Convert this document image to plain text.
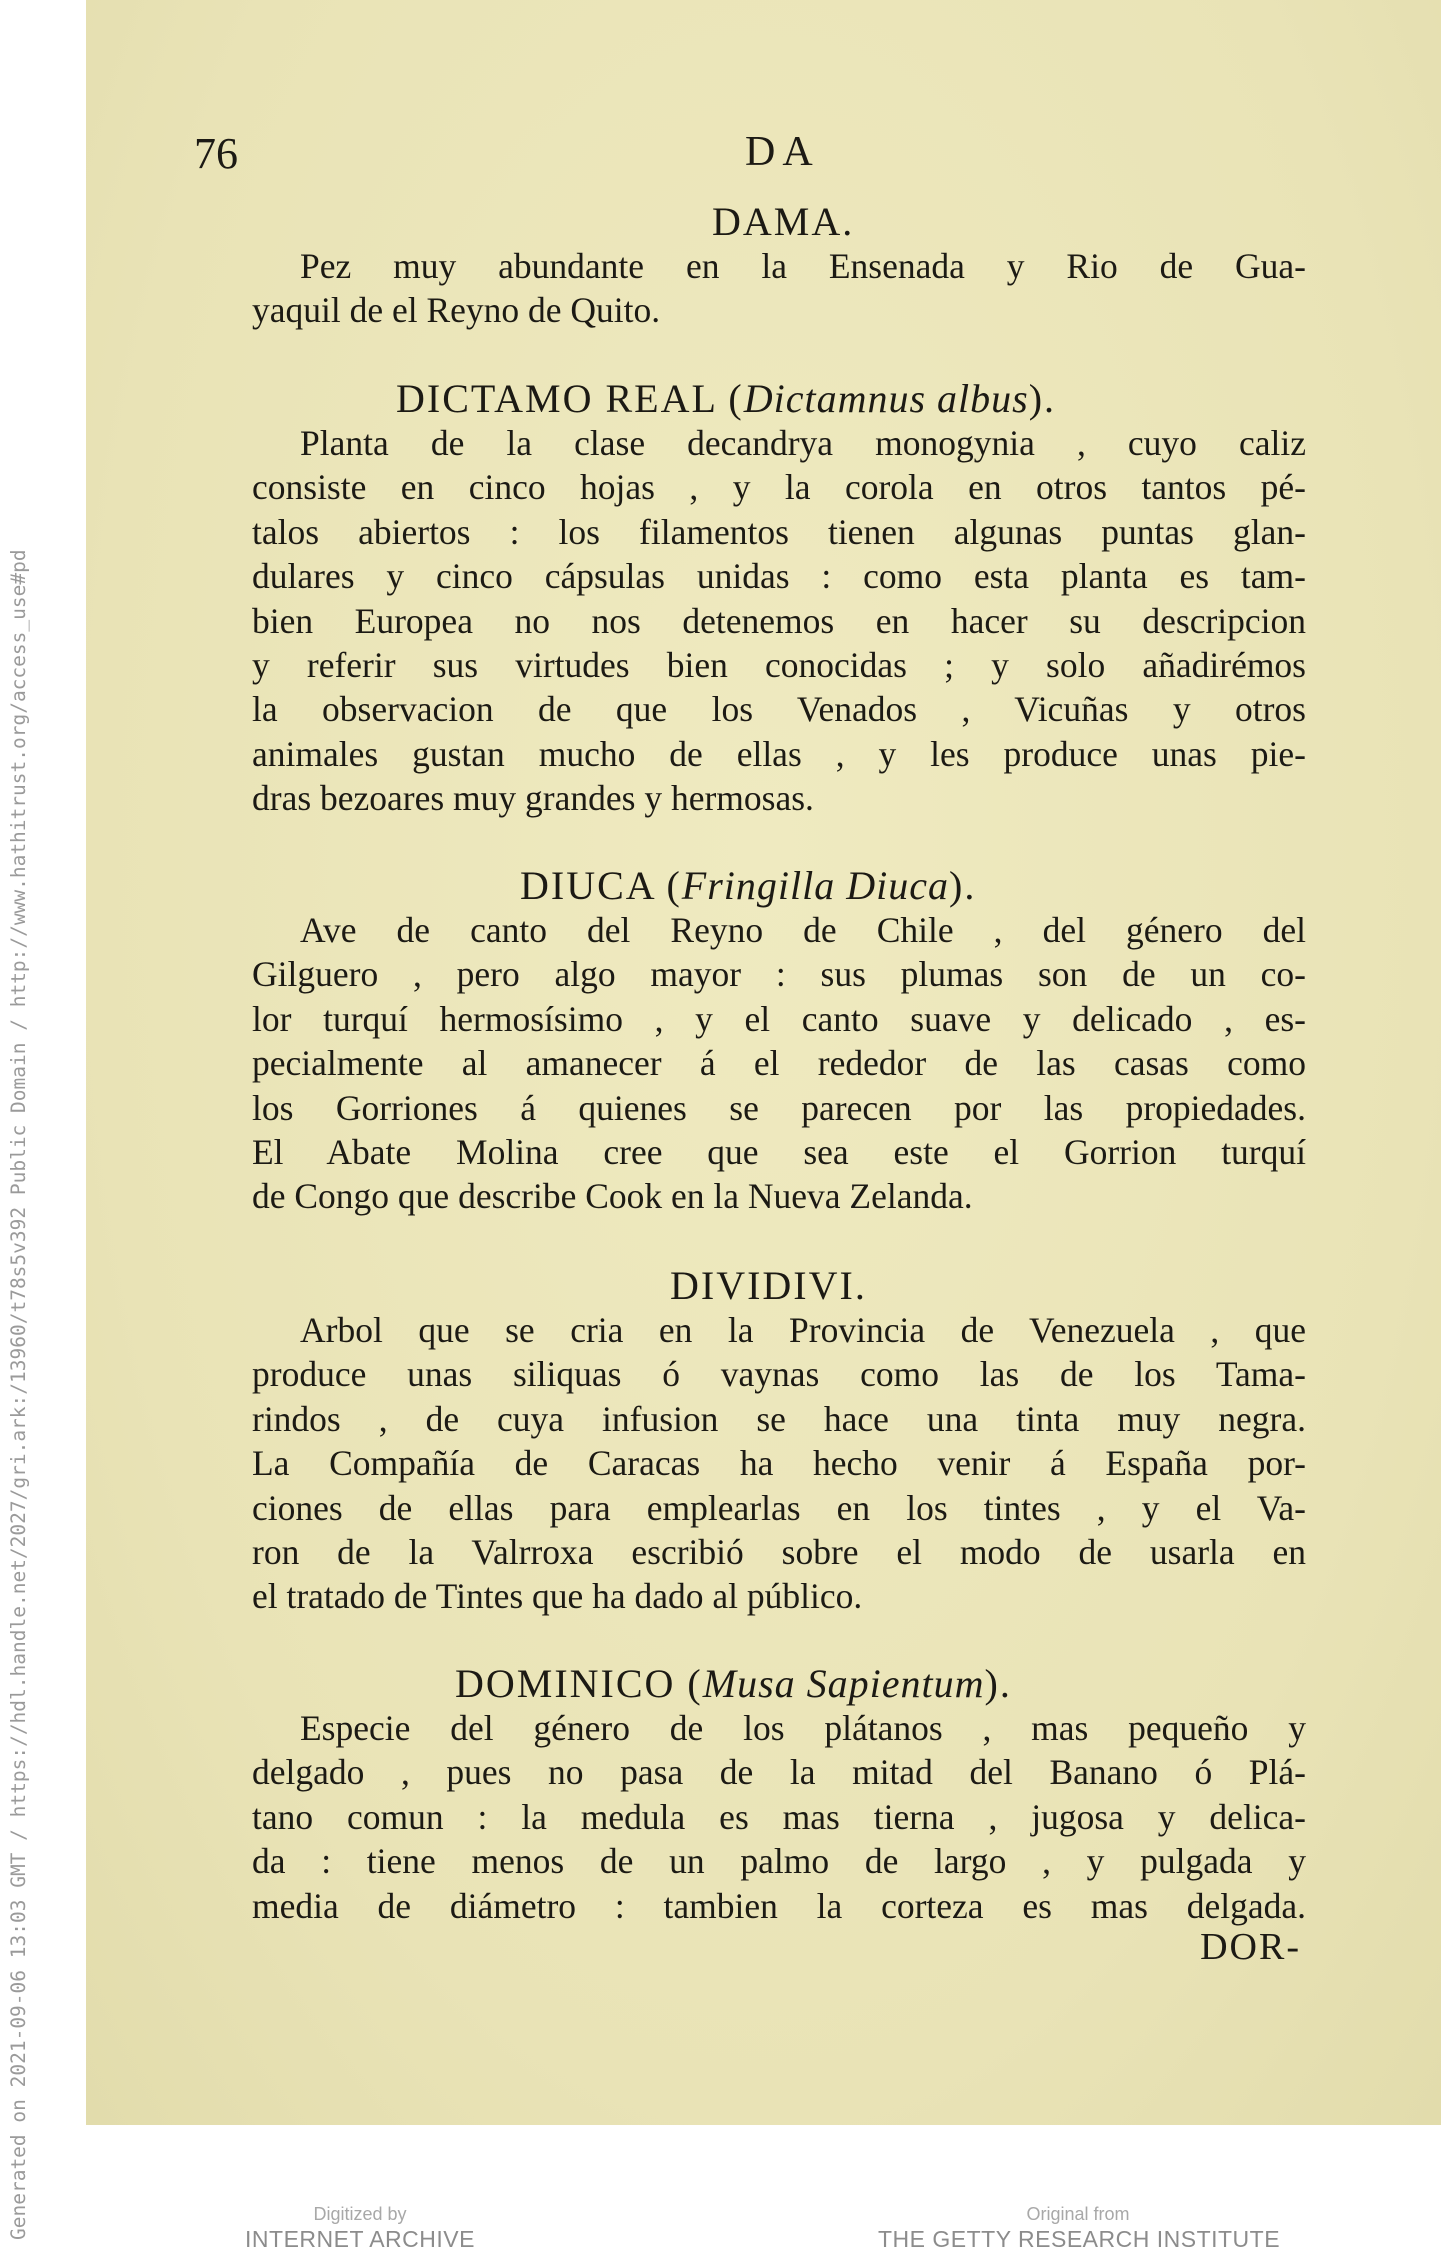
Generated on 2021-09-06 13:03 GMT / https://hdl.handle.net/2027/gri.ark:/13960/t78s5v392 Public Domain / http://www.hathitrust.org/access_use#pd
76	DA
DAMA.
Pez muy abundante en la Ensenada y Rio de Gua-
yaquil de el Reyno de Quito.
DICTAMO REAL (Dictamnus albus).
Planta de la clase decandrya monogynia , cuyo caliz
consiste en cinco hojas , y la corola en otros tantos pé-
talos abiertos : los filamentos tienen algunas puntas glan-
dulares y cinco cápsulas unidas : como esta planta es tam-
bien Europea no nos detenemos en hacer su descripcion
y referir sus virtudes bien conocidas ; y solo añadirémos
la observacion de que los Venados , Vicuñas y otros
animales gustan mucho de ellas , y les produce unas pie-
dras bezoares muy grandes y hermosas.
DIUCA (Fringilla Diuca).
Ave de canto del Reyno de Chile , del género del
Gilguero , pero algo mayor : sus plumas son de un co-
lor turquí hermosísimo , y el canto suave y delicado , es-
pecialmente al amanecer á el rededor de las casas como
los Gorriones á quienes se parecen por las propiedades.
El Abate Molina cree que sea este el Gorrion turquí
de Congo que describe Cook en la Nueva Zelanda.
DIVIDIVI.
Arbol que se cria en la Provincia de Venezuela , que
produce unas siliquas ó vaynas como las de los Tama-
rindos , de cuya infusion se hace una tinta muy negra.
La Compañía de Caracas ha hecho venir á España por-
ciones de ellas para emplearlas en los tintes , y el Va-
ron de la Valrroxa escribió sobre el modo de usarla en
el tratado de Tintes que ha dado al público.
DOMINICO (Musa Sapientum).
Especie del género de los plátanos , mas pequeño y
delgado , pues no pasa de la mitad del Banano ó Plá-
tano comun : la medula es mas tierna , jugosa y delica-
da : tiene menos de un palmo de largo , y pulgada y
media de diámetro : tambien la corteza es mas delgada.
DOR-
Digitized by
INTERNET ARCHIVE
Original from
THE GETTY RESEARCH INSTITUTE
